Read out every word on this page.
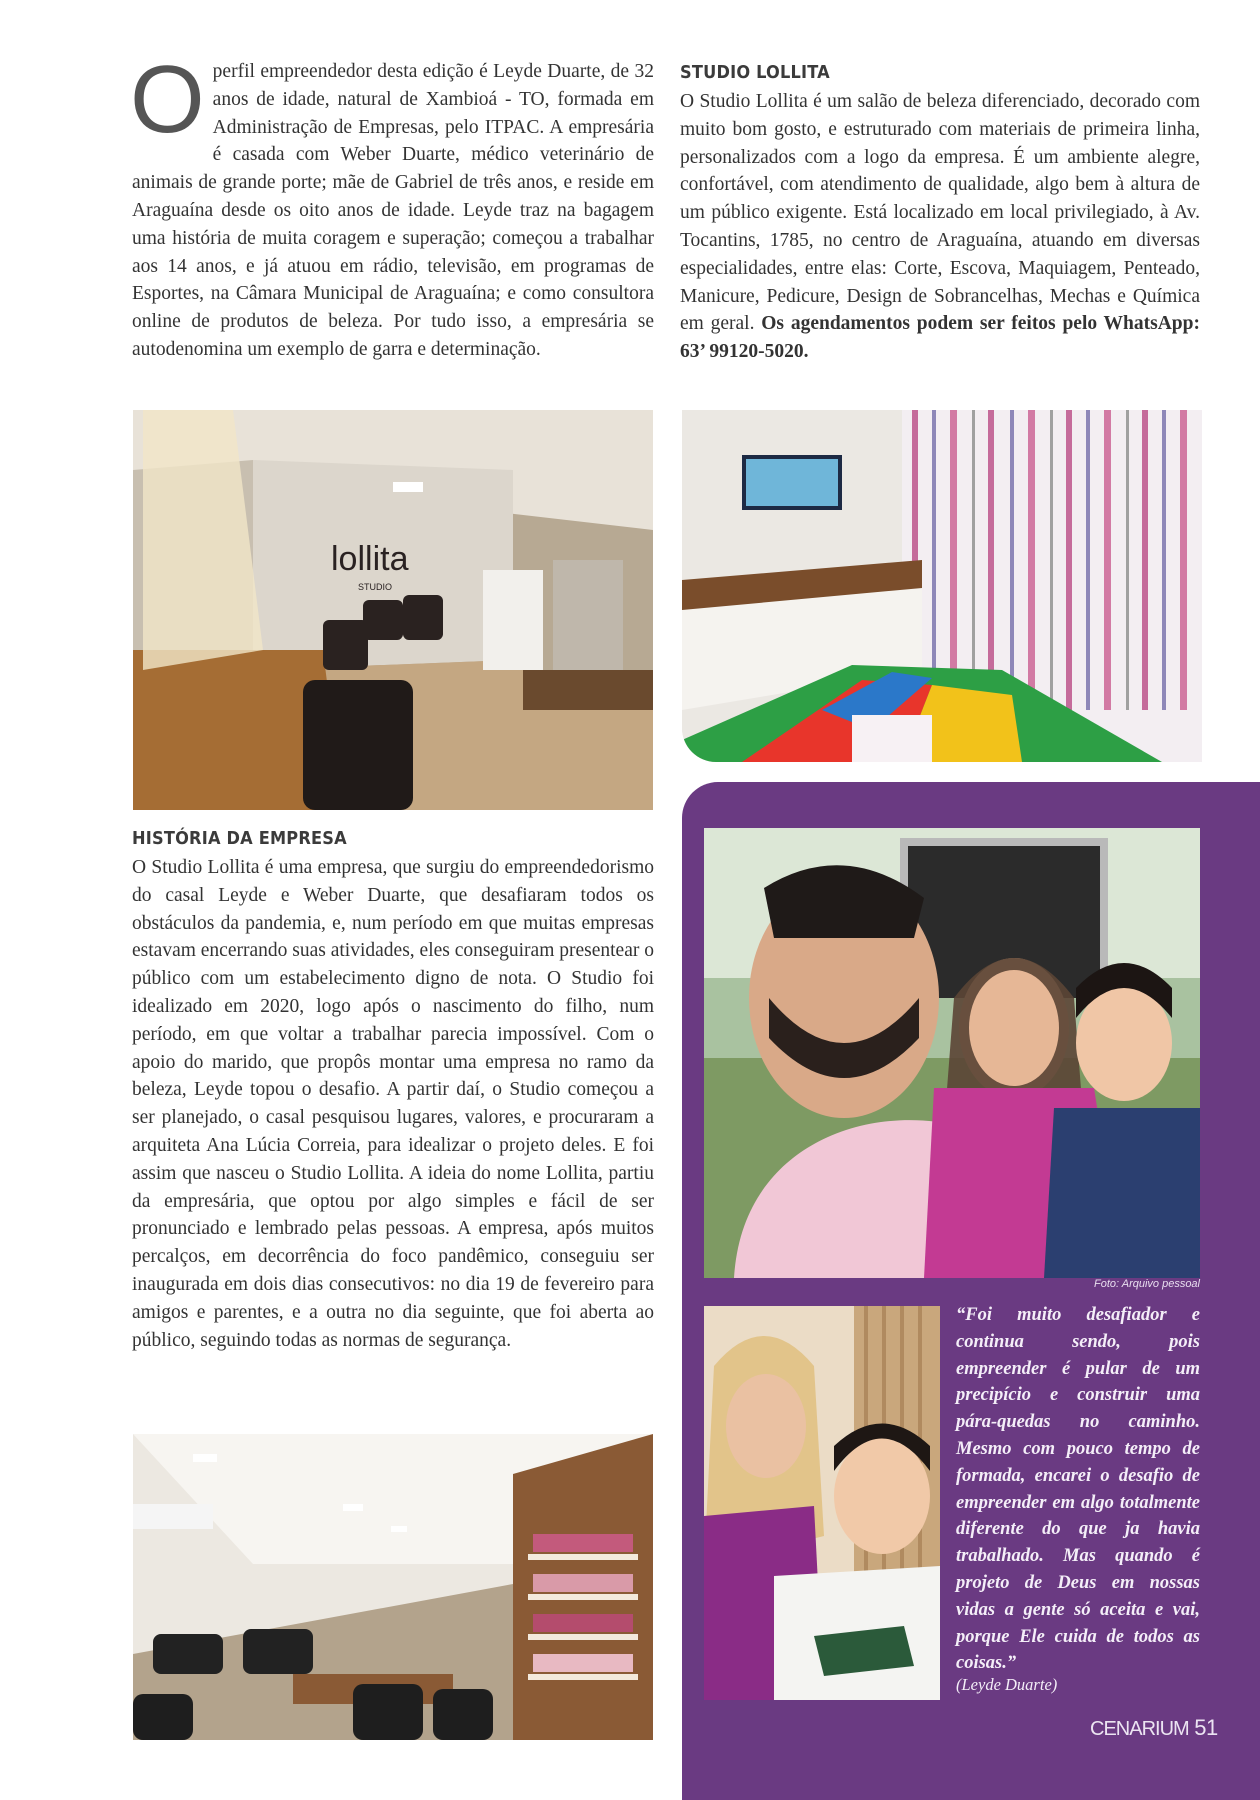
O perfil empreendedor desta edição é Leyde Duarte, de 32 anos de idade, natural de Xambioá - TO, formada em Administração de Empresas, pelo ITPAC. A empresária é casada com Weber Duarte, médico veterinário de animais de grande porte; mãe de Gabriel de três anos, e reside em Araguaína desde os oito anos de idade. Leyde traz na bagagem uma história de muita coragem e superação; começou a trabalhar aos 14 anos, e já atuou em rádio, televisão, em programas de Esportes, na Câmara Municipal de Araguaína; e como consultora online de produtos de beleza. Por tudo isso, a empresária se autodenomina um exemplo de garra e determinação.

STUDIO LOLLITA

O Studio Lollita é um salão de beleza diferenciado, decorado com muito bom gosto, e estruturado com materiais de primeira linha, personalizados com a logo da empresa. É um ambiente alegre, confortável, com atendimento de qualidade, algo bem à altura de um público exigente. Está localizado em local privilegiado, à Av. Tocantins, 1785, no centro de Araguaína, atuando em diversas especialidades, entre elas: Corte, Escova, Maquiagem, Penteado, Manicure, Pedicure, Design de Sobrancelhas, Mechas e Química em geral. Os agendamentos podem ser feitos pelo WhatsApp: 63’ 99120-5020.

lollita
STUDIO
HISTÓRIA DA EMPRESA

O Studio Lollita é uma empresa, que surgiu do empreendedorismo do casal Leyde e Weber Duarte, que desafiaram todos os obstáculos da pandemia, e, num período em que muitas empresas estavam encerrando suas atividades, eles conseguiram presentear o público com um estabelecimento digno de nota. O Studio foi idealizado em 2020, logo após o nascimento do filho, num período, em que voltar a trabalhar parecia impossível. Com o apoio do marido, que propôs montar uma empresa no ramo da beleza, Leyde topou o desafio. A partir daí, o Studio começou a ser planejado, o casal pesquisou lugares, valores, e procuraram a arquiteta Ana Lúcia Correia, para idealizar o projeto deles. E foi assim que nasceu o Studio Lollita. A ideia do nome Lollita, partiu da empresária, que optou por algo simples e fácil de ser pronunciado e lembrado pelas pessoas. A empresa, após muitos percalços, em decorrência do foco pandêmico, conseguiu ser inaugurada em dois dias consecutivos: no dia 19 de fevereiro para amigos e parentes, e a outra no dia seguinte, que foi aberta ao público, seguindo todas as normas de segurança.

Foto: Arquivo pessoal
“Foi muito desafiador e continua sendo, pois empreender é pular de um precipício e construir uma pára-quedas no caminho. Mesmo com pouco tempo de formada, encarei o desafio de empreender em algo totalmente diferente do que ja havia trabalhado. Mas quando é projeto de Deus em nossas vidas a gente só aceita e vai, porque Ele cuida de todos as coisas.”
(Leyde Duarte)
CENARIUM 51
